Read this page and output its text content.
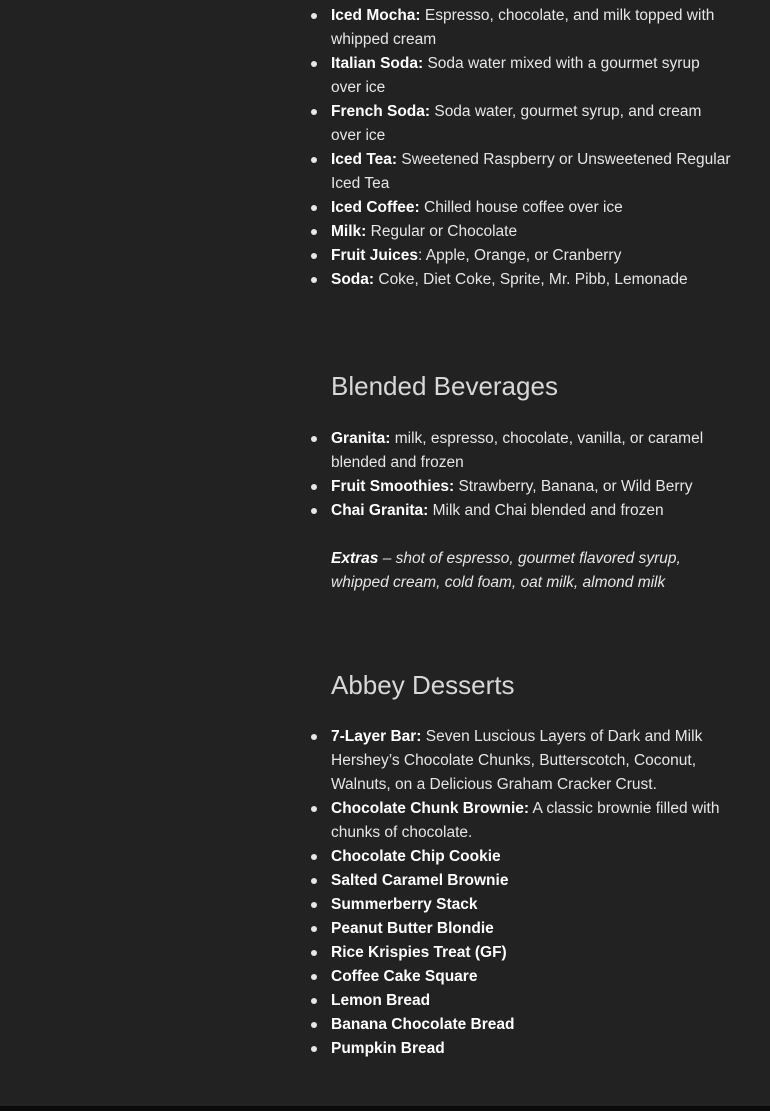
Iced Mocha: Espresso, chocolate, and milk topped with whipped cream
Italian Soda: Soda water mixed with a gourmet syrup over ice
French Soda: Soda water, gourmet syrup, and cream over ice
Iced Tea: Sweetened Raspberry or Unsweetened Regular Iced Tea
Iced Coffee: Chilled house coffee over ice
Milk: Regular or Chocolate
Fruit Juices: Apple, Orange, or Cranberry
Soda: Coke, Diet Coke, Sprite, Mr. Pibb, Lemonade
Blended Beverages
Granita: milk, espresso, chocolate, vanilla, or caramel blended and frozen
Fruit Smoothies: Strawberry, Banana, or Wild Berry
Chai Granita: Milk and Chai blended and frozen
Extras – shot of espresso, gourmet flavored syrup, whipped cream, cold foam, oat milk, almond milk
Abbey Desserts
7-Layer Bar: Seven Luscious Layers of Dark and Milk Hershey’s Chocolate Chunks, Butterscotch, Coconut, Walnuts, on a Delicious Graham Cracker Crust.
Chocolate Chunk Brownie: A classic brownie filled with chunks of chocolate.
Chocolate Chip Cookie
Salted Caramel Brownie
Summerberry Stack
Peanut Butter Blondie
Rice Krispies Treat (GF)
Coffee Cake Square
Lemon Bread
Banana Chocolate Bread
Pumpkin Bread
